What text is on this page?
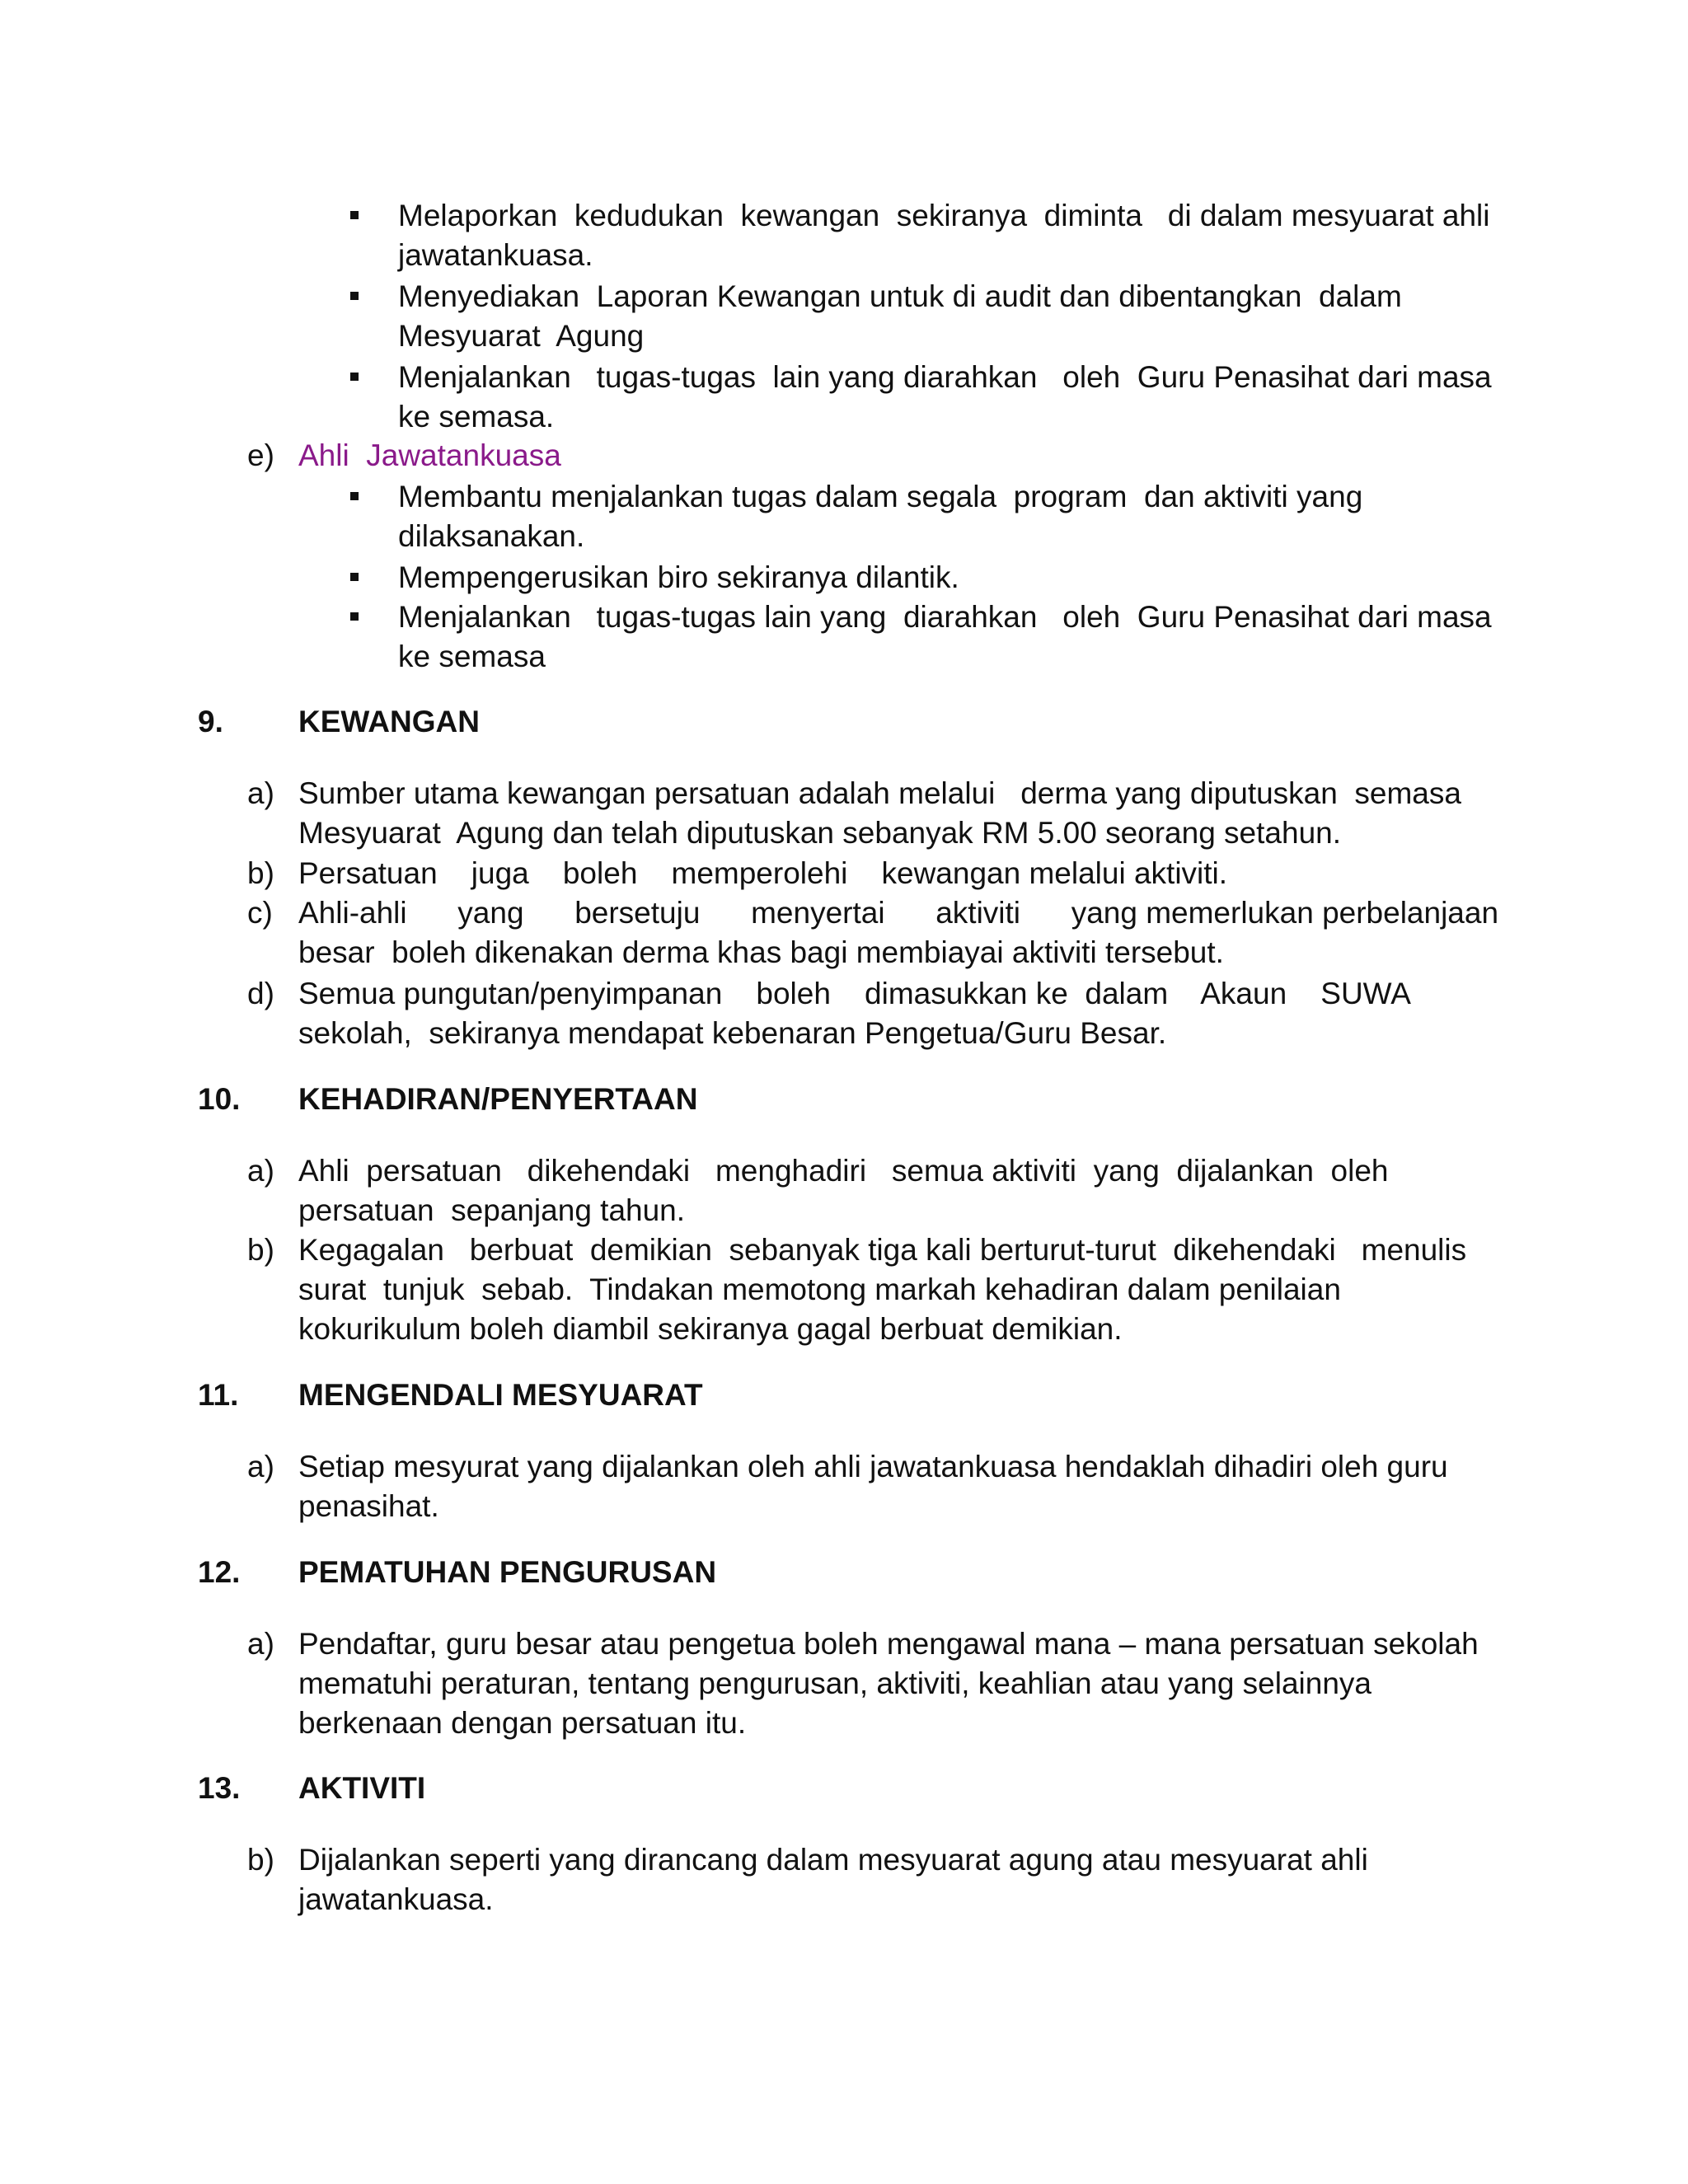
Melaporkan  kedudukan  kewangan  sekiranya  diminta   di dalam mesyuarat ahli
jawatankuasa.
Menyediakan  Laporan Kewangan untuk di audit dan dibentangkan  dalam
Mesyuarat  Agung
Menjalankan   tugas-tugas  lain yang diarahkan   oleh  Guru Penasihat dari masa
ke semasa.
e) Ahli  Jawatankuasa
Membantu menjalankan tugas dalam segala  program  dan aktiviti yang
dilaksanakan.
Mempengerusikan biro sekiranya dilantik.
Menjalankan   tugas-tugas lain yang  diarahkan   oleh  Guru Penasihat dari masa
ke semasa
9. KEWANGAN
a) Sumber utama kewangan persatuan adalah melalui   derma yang diputuskan  semasa
Mesyuarat  Agung dan telah diputuskan sebanyak RM 5.00 seorang setahun.
b) Persatuan    juga    boleh    memperolehi    kewangan melalui aktiviti.
c) Ahli-ahli      yang      bersetuju      menyertai      aktiviti      yang memerlukan perbelanjaan
besar  boleh dikenakan derma khas bagi membiayai aktiviti tersebut.
d) Semua pungutan/penyimpanan    boleh    dimasukkan ke  dalam    Akaun    SUWA
sekolah,  sekiranya mendapat kebenaran Pengetua/Guru Besar.
10. KEHADIRAN/PENYERTAAN
a) Ahli  persatuan   dikehendaki   menghadiri   semua aktiviti  yang  dijalankan  oleh
persatuan  sepanjang tahun.
b) Kegagalan   berbuat  demikian  sebanyak tiga kali berturut-turut  dikehendaki   menulis
surat  tunjuk  sebab.  Tindakan memotong markah kehadiran dalam penilaian
kokurikulum boleh diambil sekiranya gagal berbuat demikian.
11. MENGENDALI MESYUARAT
a) Setiap mesyurat yang dijalankan oleh ahli jawatankuasa hendaklah dihadiri oleh guru
penasihat.
12. PEMATUHAN PENGURUSAN
a) Pendaftar, guru besar atau pengetua boleh mengawal mana – mana persatuan sekolah
mematuhi peraturan, tentang pengurusan, aktiviti, keahlian atau yang selainnya
berkenaan dengan persatuan itu.
13. AKTIVITI
b) Dijalankan seperti yang dirancang dalam mesyuarat agung atau mesyuarat ahli
jawatankuasa.
